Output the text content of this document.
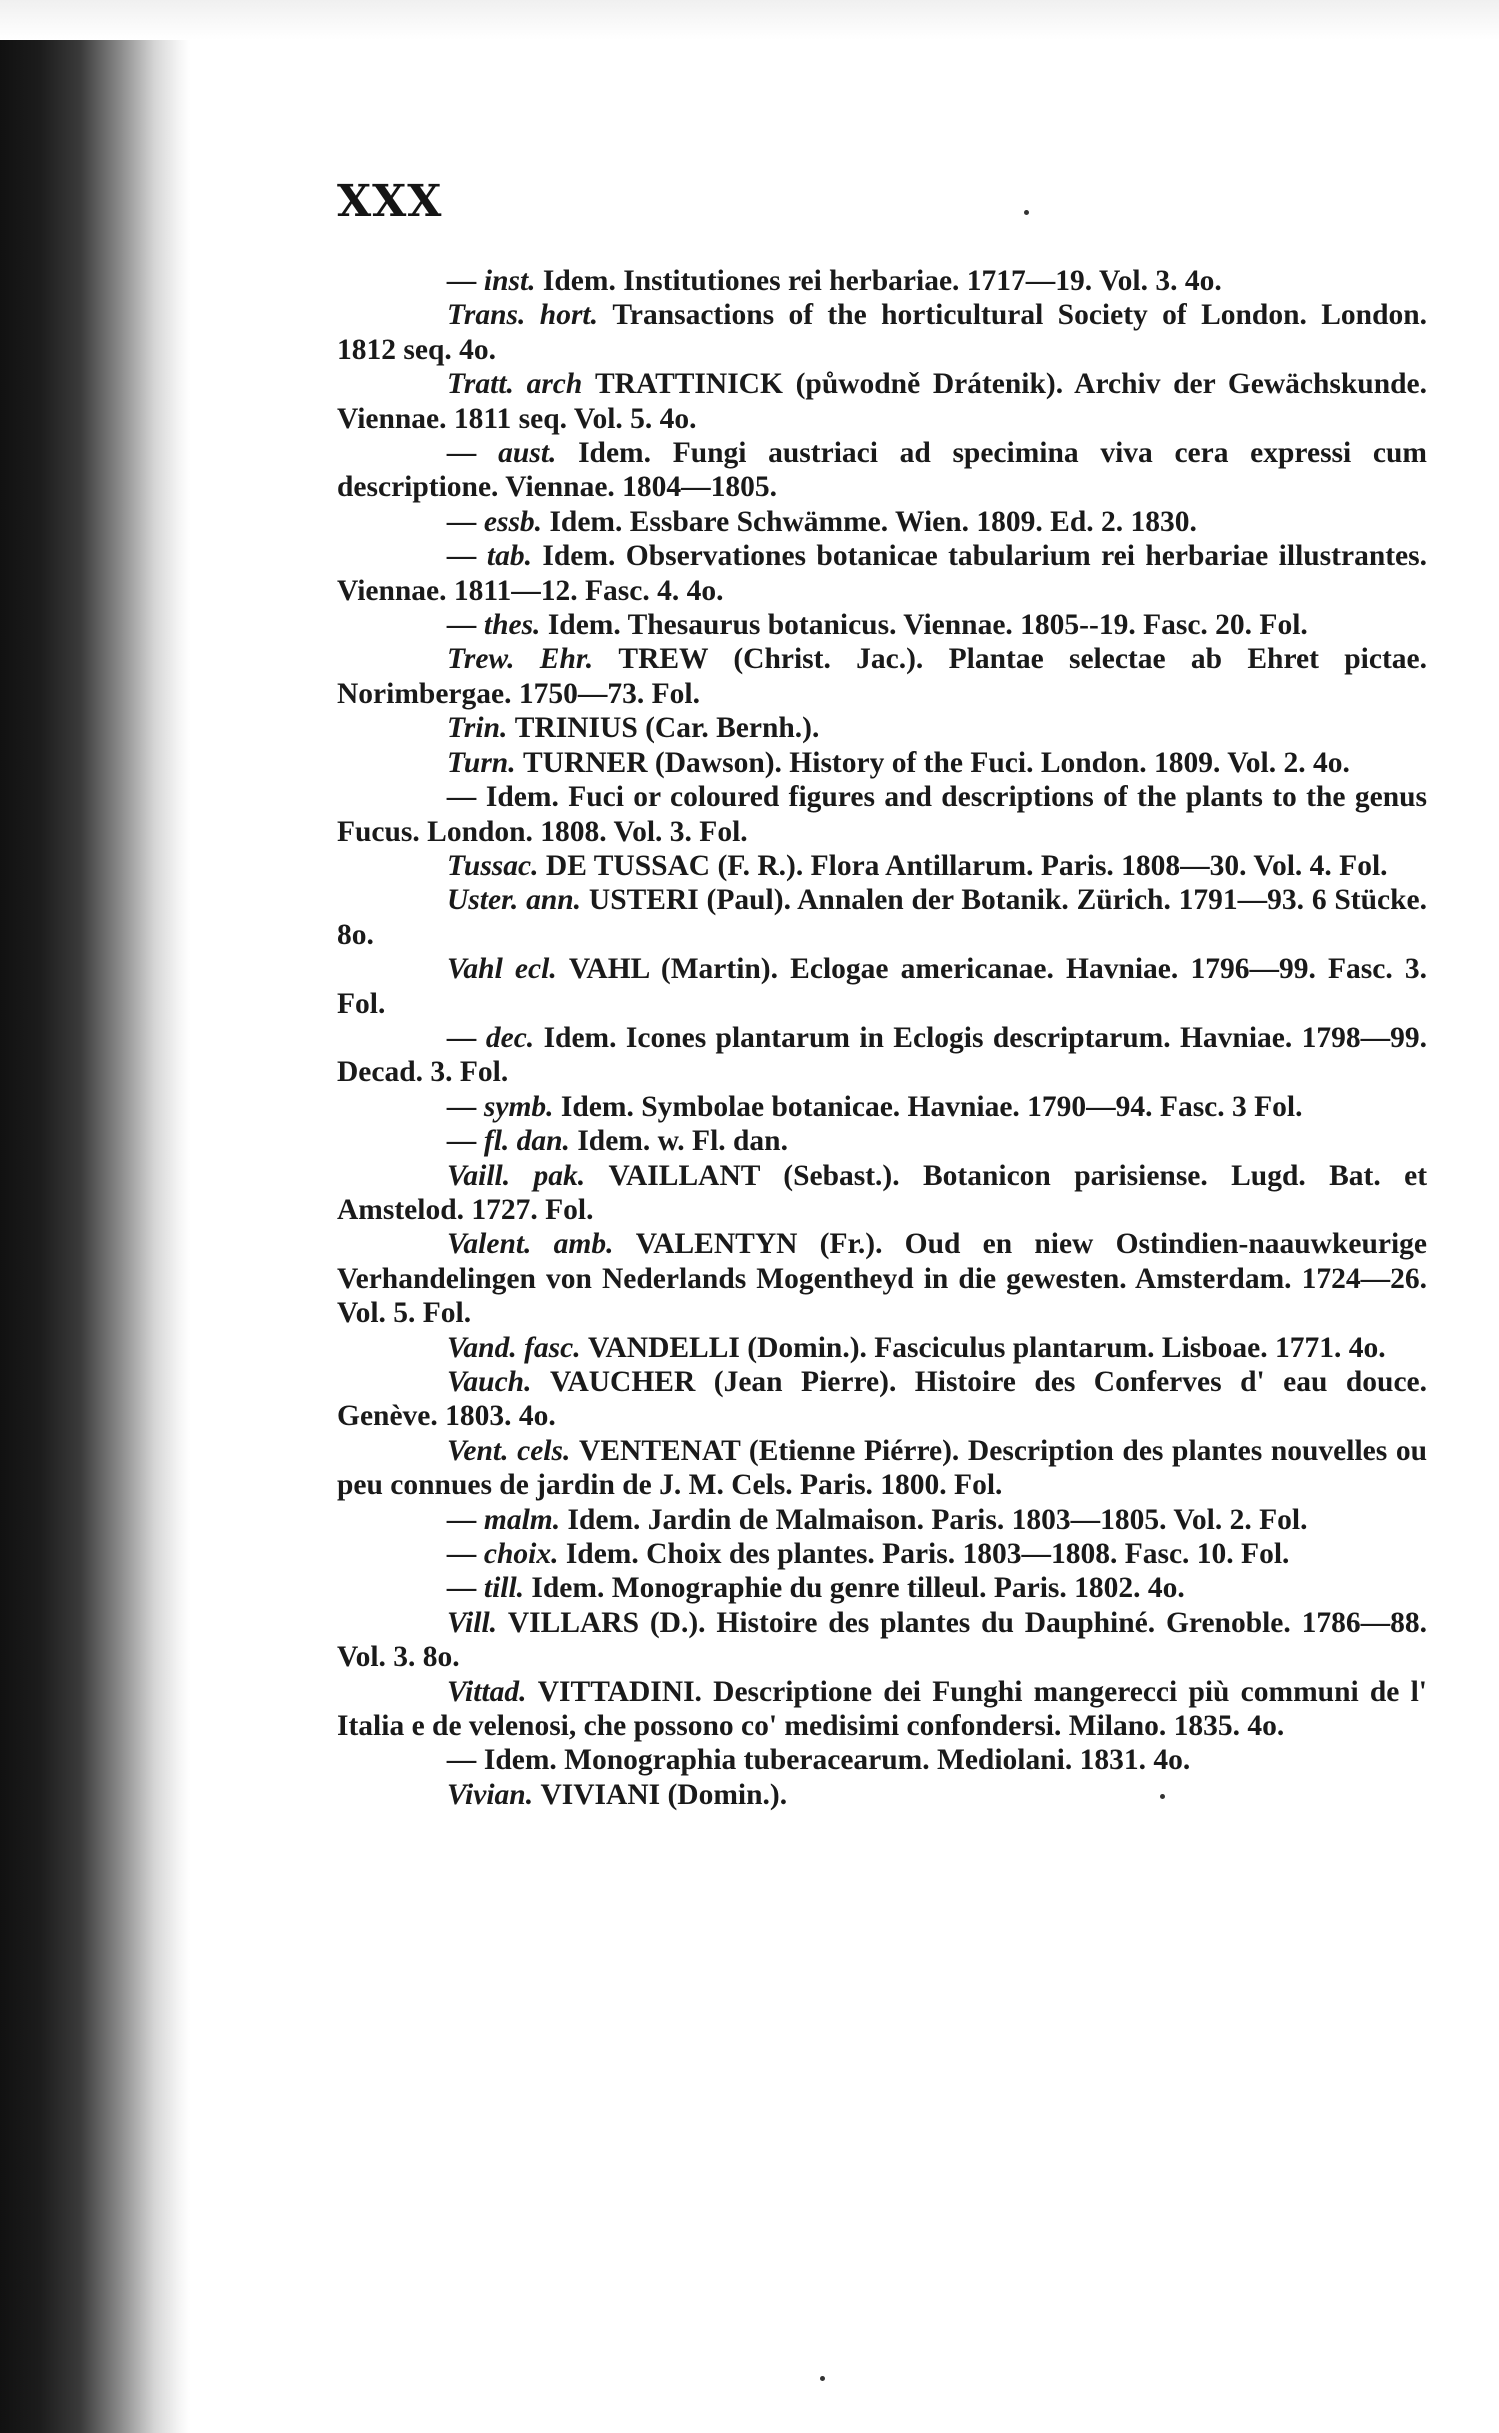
XXX

— inst. Idem. Institutiones rei herbariae. 1717—19. Vol. 3. 4o.

Trans. hort. Transactions of the horticultural Society of London. London. 1812 seq. 4o.

Tratt. arch TRATTINICK (půwodně Drátenik). Archiv der Gewächskunde. Viennae. 1811 seq. Vol. 5. 4o.

— aust. Idem. Fungi austriaci ad specimina viva cera expressi cum descriptione. Viennae. 1804—1805.

— essb. Idem. Essbare Schwämme. Wien. 1809. Ed. 2. 1830.

— tab. Idem. Observationes botanicae tabularium rei herbariae illustrantes. Viennae. 1811—12. Fasc. 4. 4o.

— thes. Idem. Thesaurus botanicus. Viennae. 1805--19. Fasc. 20. Fol.

Trew. Ehr. TREW (Christ. Jac.). Plantae selectae ab Ehret pictae. Norimbergae. 1750—73. Fol.

Trin. TRINIUS (Car. Bernh.).

Turn. TURNER (Dawson). History of the Fuci. London. 1809. Vol. 2. 4o.

— Idem. Fuci or coloured figures and descriptions of the plants to the genus Fucus. London. 1808. Vol. 3. Fol.

Tussac. DE TUSSAC (F. R.). Flora Antillarum. Paris. 1808—30. Vol. 4. Fol.

Uster. ann. USTERI (Paul). Annalen der Botanik. Zürich. 1791—93. 6 Stücke. 8o.

Vahl ecl. VAHL (Martin). Eclogae americanae. Havniae. 1796—99. Fasc. 3. Fol.

— dec. Idem. Icones plantarum in Eclogis descriptarum. Havniae. 1798—99. Decad. 3. Fol.

— symb. Idem. Symbolae botanicae. Havniae. 1790—94. Fasc. 3 Fol.

— fl. dan. Idem. w. Fl. dan.

Vaill. pak. VAILLANT (Sebast.). Botanicon parisiense. Lugd. Bat. et Amstelod. 1727. Fol.

Valent. amb. VALENTYN (Fr.). Oud en niew Ostindien-naauwkeurige Verhandelingen von Nederlands Mogentheyd in die gewesten. Amsterdam. 1724—26. Vol. 5. Fol.

Vand. fasc. VANDELLI (Domin.). Fasciculus plantarum. Lisboae. 1771. 4o.

Vauch. VAUCHER (Jean Pierre). Histoire des Conferves d' eau douce. Genève. 1803. 4o.

Vent. cels. VENTENAT (Etienne Piérre). Description des plantes nouvelles ou peu connues de jardin de J. M. Cels. Paris. 1800. Fol.

— malm. Idem. Jardin de Malmaison. Paris. 1803—1805. Vol. 2. Fol.

— choix. Idem. Choix des plantes. Paris. 1803—1808. Fasc. 10. Fol.

— till. Idem. Monographie du genre tilleul. Paris. 1802. 4o.

Vill. VILLARS (D.). Histoire des plantes du Dauphiné. Grenoble. 1786—88. Vol. 3. 8o.

Vittad. VITTADINI. Descriptione dei Funghi mangerecci più communi de l' Italia e de velenosi, che possono co' medisimi confondersi. Milano. 1835. 4o.

— Idem. Monographia tuberacearum. Mediolani. 1831. 4o.

Vivian. VIVIANI (Domin.).
